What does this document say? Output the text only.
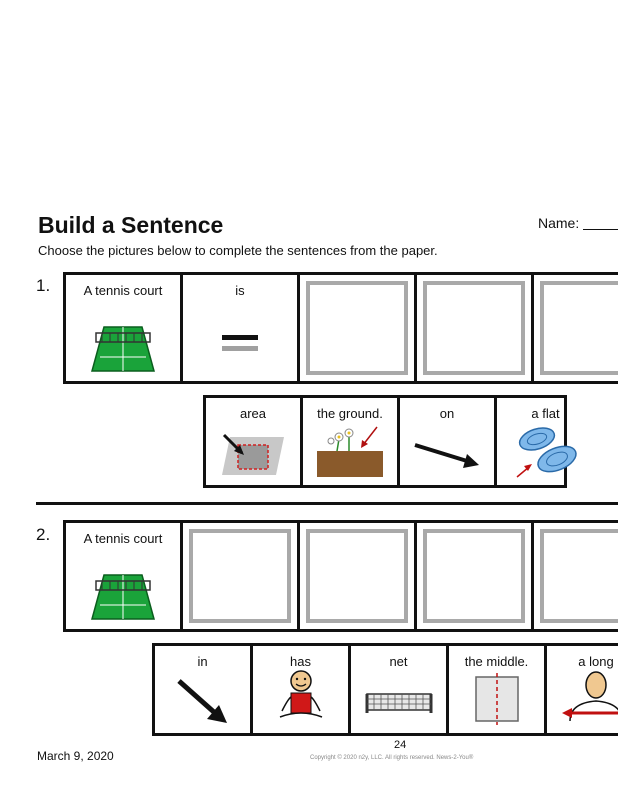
Build a Sentence	Name:
Choose the pictures below to complete the sentences from the paper.
1.	A tennis court	is
area	the ground.	on	a flat
2.	A tennis court
in	has	net	the middle.	a long
March 9, 2020
24
Copyright © 2020 n2y, LLC. All rights reserved. News-2-You®
